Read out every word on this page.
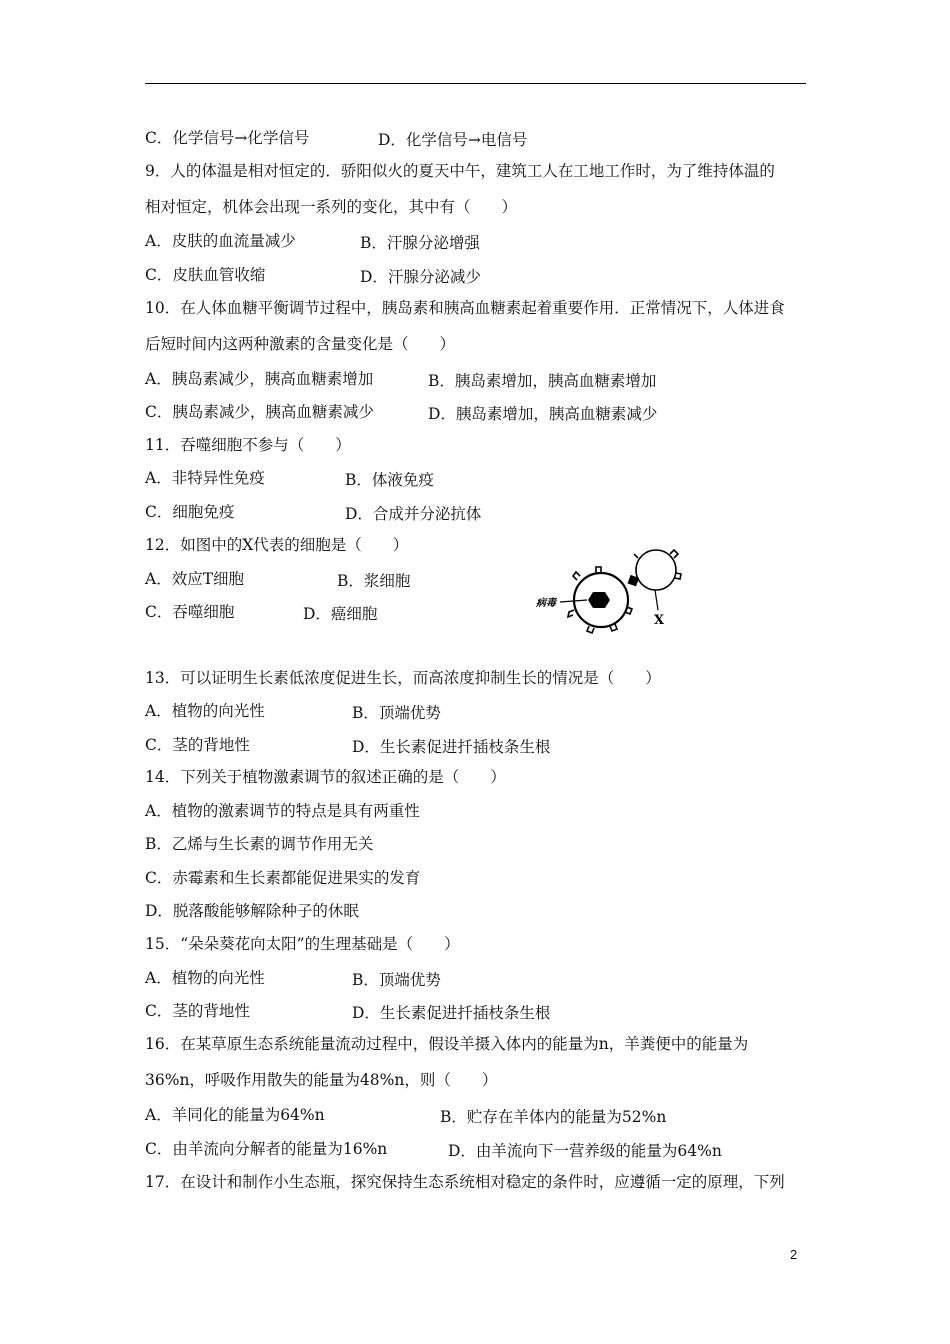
C．化学信号→化学信号	D．化学信号→电信号
9．人的体温是相对恒定的．骄阳似火的夏天中午，建筑工人在工地工作时，为了维持体温的
相对恒定，机体会出现一系列的变化，其中有（　　）
A．皮肤的血流量减少	B．汗腺分泌增强
C．皮肤血管收缩	D．汗腺分泌减少
10．在人体血糖平衡调节过程中，胰岛素和胰高血糖素起着重要作用．正常情况下，人体进食
后短时间内这两种激素的含量变化是（　　）
A．胰岛素减少，胰高血糖素增加	B．胰岛素增加，胰高血糖素增加
C．胰岛素减少，胰高血糖素减少	D．胰岛素增加，胰高血糖素减少
11．吞噬细胞不参与（　　）
A．非特异性免疫	B．体液免疫
C．细胞免疫	D．合成并分泌抗体
12．如图中的X代表的细胞是（　　）
A．效应T细胞	B．浆细胞
C．吞噬细胞	D．癌细胞	X
病毒
13．可以证明生长素低浓度促进生长，而高浓度抑制生长的情况是（　　）
A．植物的向光性	B．顶端优势
C．茎的背地性	D．生长素促进扦插枝条生根
14．下列关于植物激素调节的叙述正确的是（　　）
A．植物的激素调节的特点是具有两重性
B．乙烯与生长素的调节作用无关
C．赤霉素和生长素都能促进果实的发育
D．脱落酸能够解除种子的休眠
15．“朵朵葵花向太阳”的生理基础是（　　）
A．植物的向光性	B．顶端优势
C．茎的背地性	D．生长素促进扦插枝条生根
16．在某草原生态系统能量流动过程中，假设羊摄入体内的能量为n，羊粪便中的能量为
36%n，呼吸作用散失的能量为48%n，则（　　）
A．羊同化的能量为64%n	B．贮存在羊体内的能量为52%n
C．由羊流向分解者的能量为16%n	D．由羊流向下一营养级的能量为64%n
17．在设计和制作小生态瓶，探究保持生态系统相对稳定的条件时，应遵循一定的原理，下列
2
